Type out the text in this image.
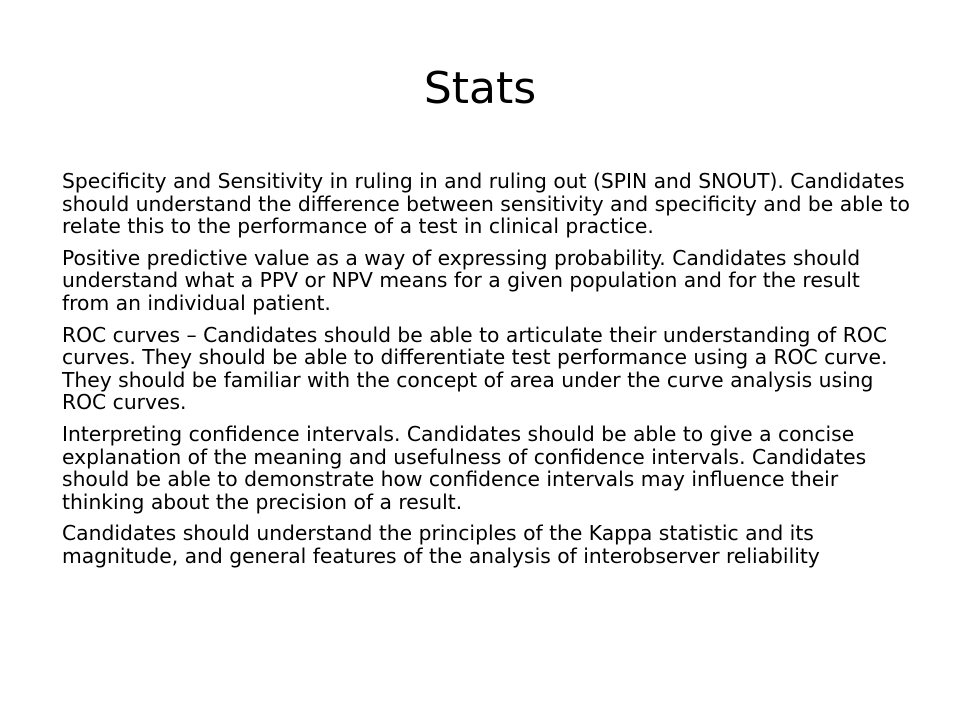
Stats
Specificity and Sensitivity in ruling in and ruling out (SPIN and SNOUT). Candidates should understand the difference between sensitivity and specificity and be able to relate this to the performance of a test in clinical practice.
Positive predictive value as a way of expressing probability. Candidates should understand what a PPV or NPV means for a given population and for the result from an individual patient.
ROC curves – Candidates should be able to articulate their understanding of ROC curves. They should be able to differentiate test performance using a ROC curve. They should be familiar with the concept of area under the curve analysis using ROC curves.
Interpreting confidence intervals. Candidates should be able to give a concise explanation of the meaning and usefulness of confidence intervals. Candidates should be able to demonstrate how confidence intervals may influence their thinking about the precision of a result.
Candidates should understand the principles of the Kappa statistic and its magnitude, and general features of the analysis of interobserver reliability
